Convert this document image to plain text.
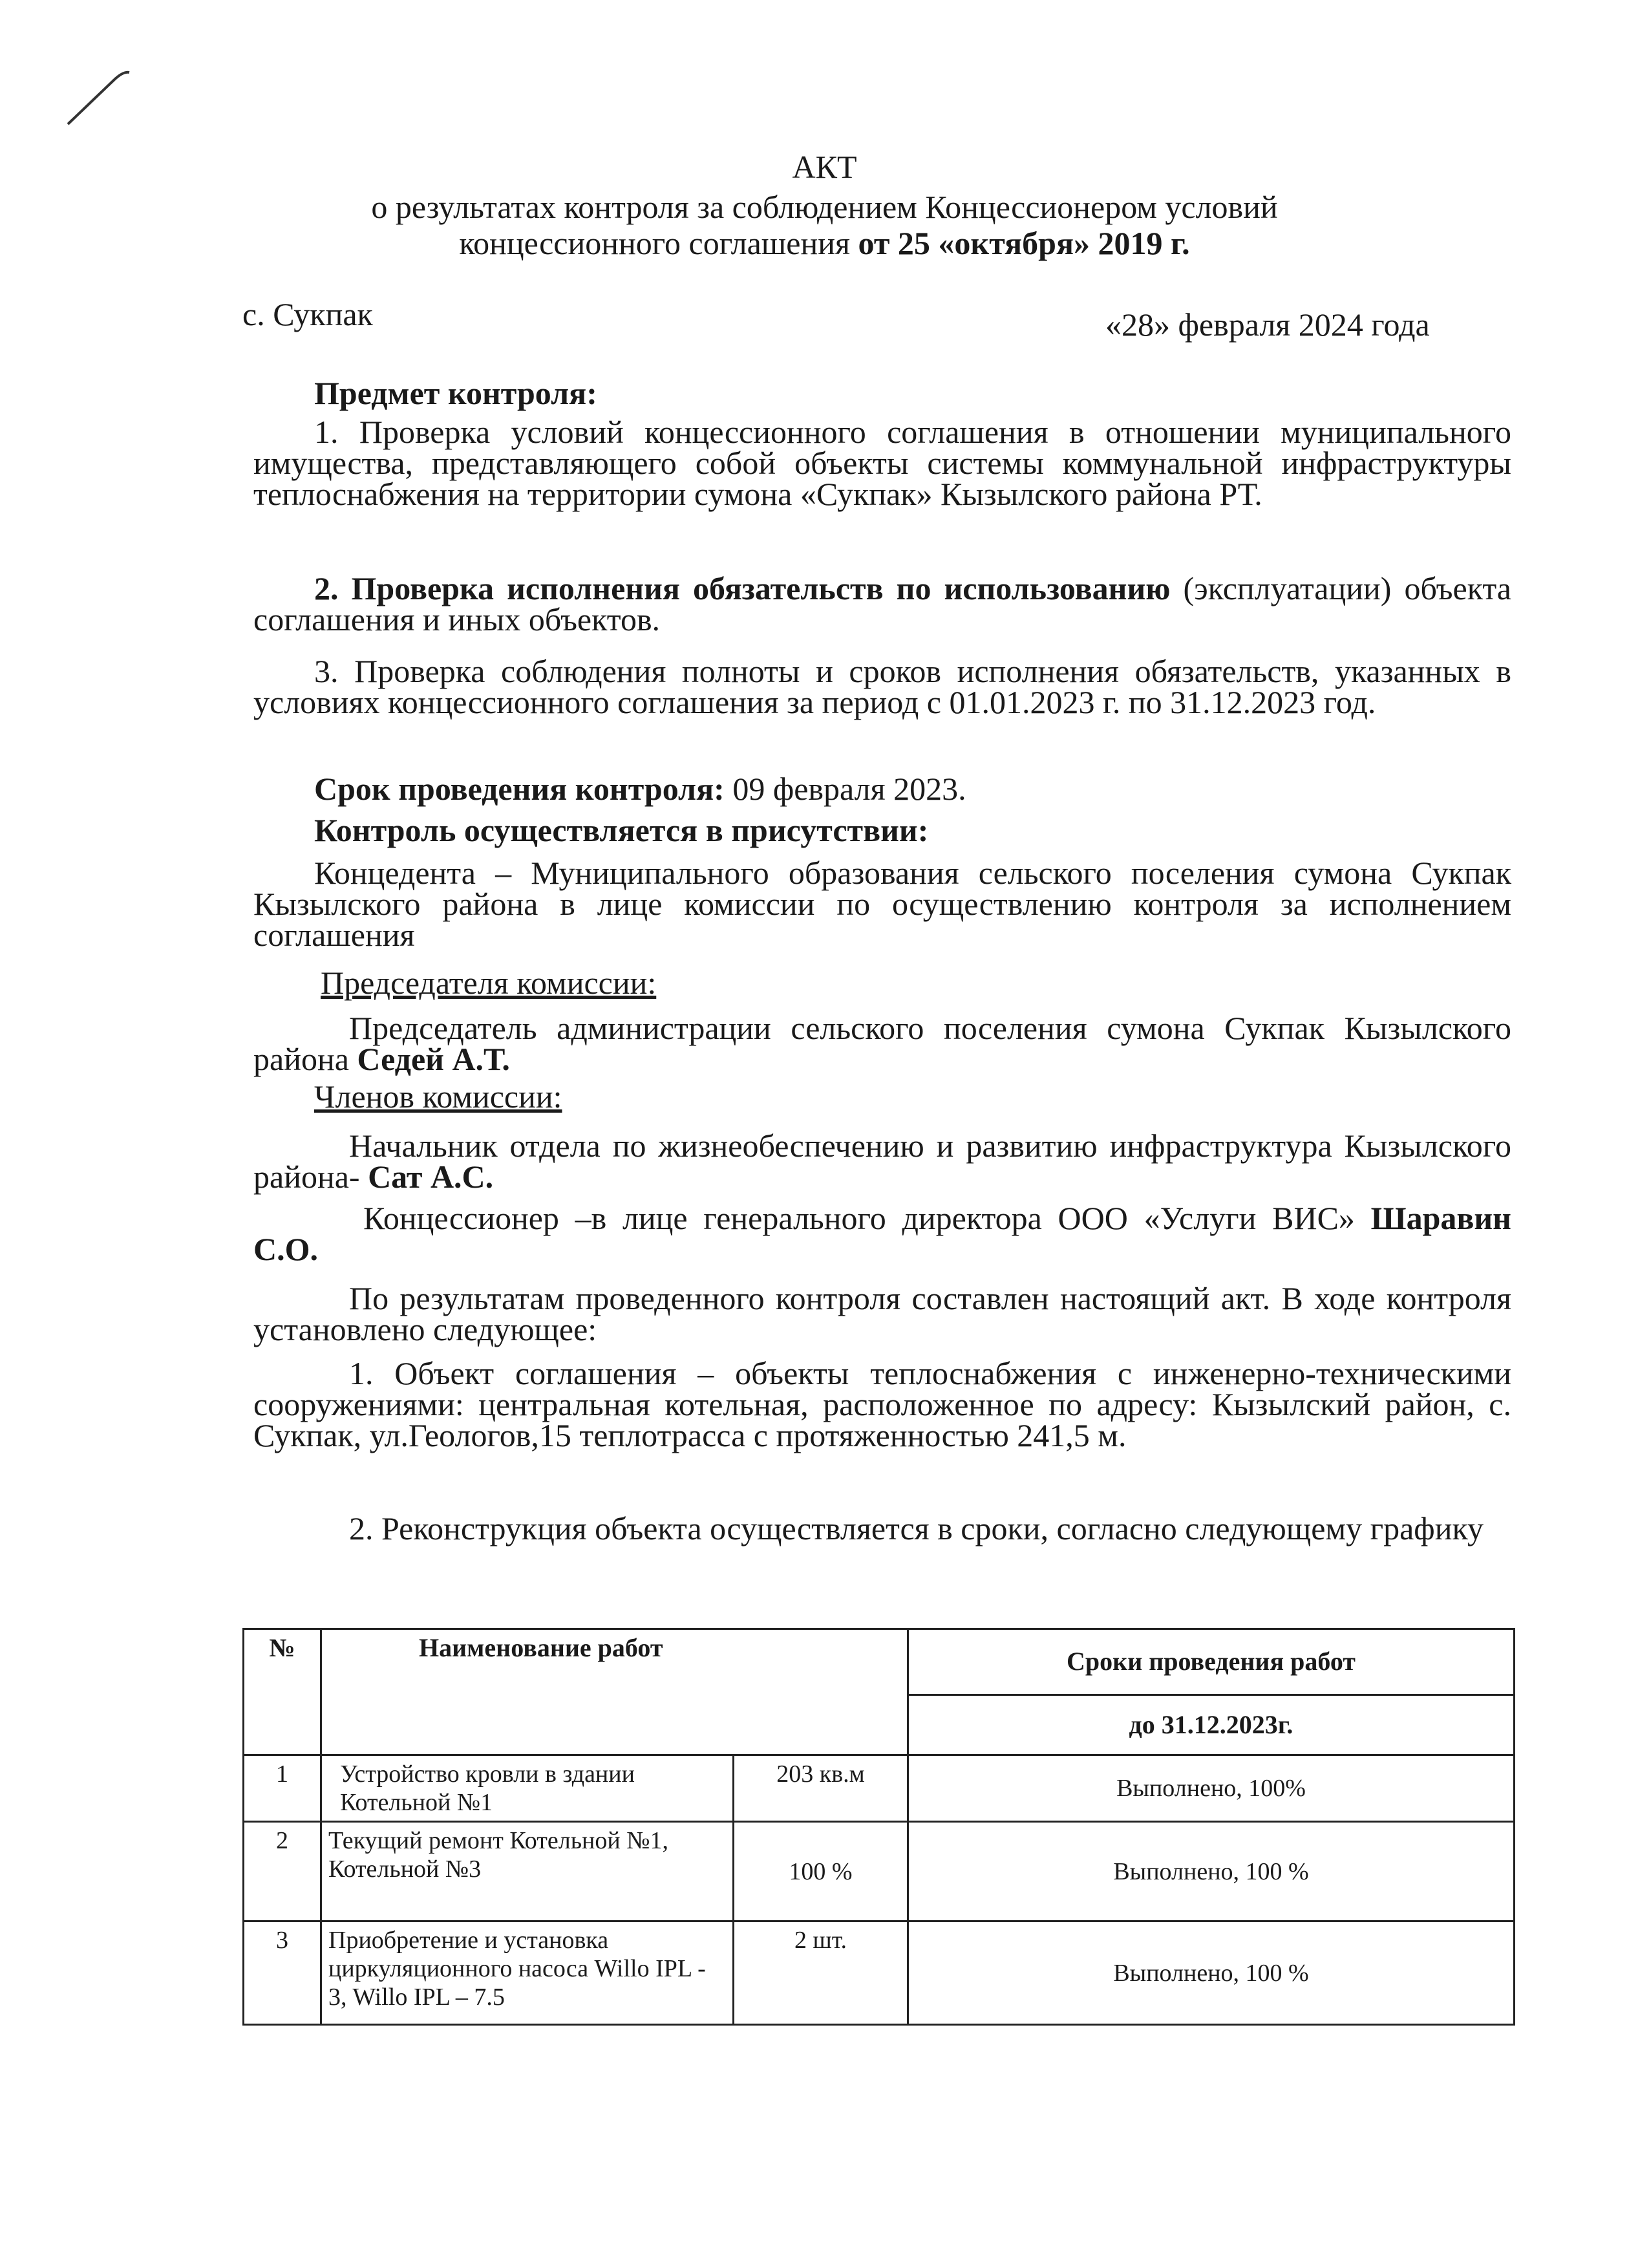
АКТ
о результатах контроля за соблюдением Концессионером условий
концессионного соглашения от 25 «октября» 2019 г.
с. Сукпак	«28» февраля 2024 года
Предмет контроля:
1. Проверка условий концессионного соглашения в отношении муниципального имущества, представляющего собой объекты системы коммунальной инфраструктуры теплоснабжения на территории сумона «Сукпак» Кызылского района РТ.
2. Проверка исполнения обязательств по использованию (эксплуатации) объекта соглашения и иных объектов.
3. Проверка соблюдения полноты и сроков исполнения обязательств, указанных в условиях концессионного соглашения за период с 01.01.2023 г. по 31.12.2023 год.
Срок проведения контроля: 09 февраля 2023.
Контроль осуществляется в присутствии:
Концедента – Муниципального образования сельского поселения сумона Сукпак Кызылского района в лице комиссии по осуществлению контроля за исполнением соглашения
Председателя комиссии:
Председатель администрации сельского поселения сумона Сукпак Кызылского района Седей А.Т.
Членов комиссии:
Начальник отдела по жизнеобеспечению и развитию инфраструктура Кызылского района- Сат А.С.
Концессионер –в лице генерального директора ООО «Услуги ВИС» Шаравин С.О.
По результатам проведенного контроля составлен настоящий акт. В ходе контроля установлено следующее:
1. Объект соглашения – объекты теплоснабжения с инженерно-техническими сооружениями: центральная котельная, расположенное по адресу: Кызылский район, с. Сукпак, ул.Геологов,15 теплотрасса с протяженностью 241,5 м.
2. Реконструкция объекта осуществляется в сроки, согласно следующему графику
№	Наименование работ		Сроки проведения работ
			до 31.12.2023г.
1	Устройство кровли в здании Котельной №1	203 кв.м	Выполнено, 100%
2	Текущий ремонт Котельной №1, Котельной №3	100 %	Выполнено, 100 %
3	Приобретение и установка циркуляционного насоса Willo IPL - 3, Willo IPL – 7.5	2 шт.	Выполнено, 100 %
